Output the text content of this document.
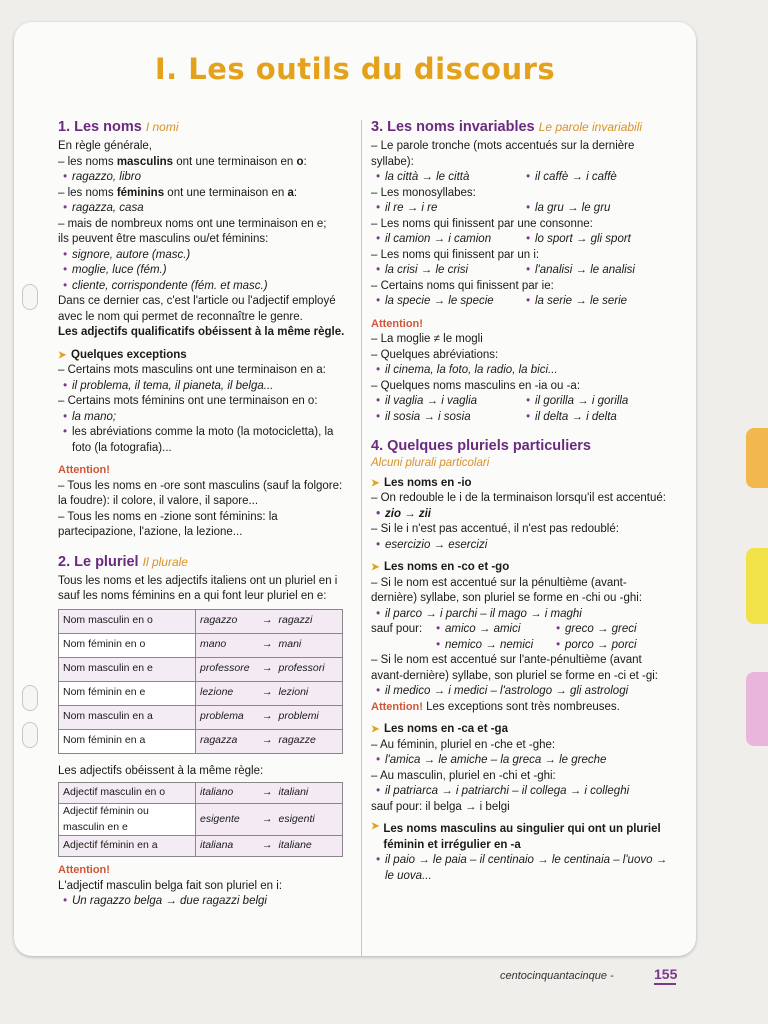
I. Les outils du discours
1. Les noms I nomi

En règle générale,

– les noms masculins ont une terminaison en o:

• ragazzo, libro

– les noms féminins ont une terminaison en a:

• ragazza, casa

– mais de nombreux noms ont une terminaison en e;

ils peuvent être masculins ou/et féminins:

• signore, autore (masc.)
• moglie, luce (fém.)
• cliente, corrispondente (fém. et masc.)

Dans ce dernier cas, c'est l'article ou l'adjectif employé avec le nom qui permet de reconnaître le genre.

Les adjectifs qualificatifs obéissent à la même règle.

➤ Quelques exceptions

– Certains mots masculins ont une terminaison en a:

• il problema, il tema, il pianeta, il belga...

– Certains mots féminins ont une terminaison en o:

• la mano;
• les abréviations comme la moto (la motocicletta), la foto (la fotografia)...
Attention!

– Tous les noms en -ore sont masculins (sauf la folgore: la foudre): il colore, il valore, il sapore...

– Tous les noms en -zione sont féminins: la partecipazione, l'azione, la lezione...

2. Le pluriel Il plurale

Tous les noms et les adjectifs italiens ont un pluriel en i sauf les noms féminins en a qui font leur pluriel en e:

Nom masculin en o	ragazzo → ragazzi
Nom féminin en o	mano → mani
Nom masculin en e	professore → professori
Nom féminin en e	lezione → lezioni
Nom masculin en a	problema → problemi
Nom féminin en a	ragazza → ragazze

Les adjectifs obéissent à la même règle:

Adjectif masculin en o	italiano → italiani
Adjectif féminin ou masculin en e	esigente → esigenti
Adjectif féminin en a	italiana → italiane
Attention!

L'adjectif masculin belga fait son pluriel en i:

• Un ragazzo belga → due ragazzi belgi
3. Les noms invariables Le parole invariabili

– Le parole tronche (mots accentués sur la dernière syllabe):

• la città → le città	• il caffè → i caffè

– Les monosyllabes:

• il re → i re	• la gru → le gru

– Les noms qui finissent par une consonne:

• il camion → i camion	• lo sport → gli sport

– Les noms qui finissent par un i:

• la crisi → le crisi	• l'analisi → le analisi

– Certains noms qui finissent par ie:

• la specie → le specie	• la serie → le serie
Attention!

– La moglie ≠ le mogli

– Quelques abréviations:

• il cinema, la foto, la radio, la bici...

– Quelques noms masculins en -ia ou -a:

• il vaglia → i vaglia	• il gorilla → i gorilla
• il sosia → i sosia	• il delta → i delta
4. Quelques pluriels particuliers
Alcuni plurali particolari
➤ Les noms en -io

– On redouble le i de la terminaison lorsqu'il est accentué:

• zio → zii

– Si le i n'est pas accentué, il n'est pas redoublé:

• esercizio → esercizi
➤ Les noms en -co et -go

– Si le nom est accentué sur la pénultième (avant-dernière) syllabe, son pluriel se forme en -chi ou -ghi:

• il parco → i parchi – il mago → i maghi
sauf pour:	• amico → amici	• greco → greci
• nemico → nemici	• porco → porci

– Si le nom est accentué sur l'ante-pénultième (avant avant-dernière) syllabe, son pluriel se forme en -ci et -gi:

• il medico → i medici – l'astrologo → gli astrologi

Attention! Les exceptions sont très nombreuses.

➤ Les noms en -ca et -ga

– Au féminin, pluriel en -che et -ghe:

• l'amica → le amiche – la greca → le greche

– Au masculin, pluriel en -chi et -ghi:

• il patriarca → i patriarchi – il collega → i colleghi

sauf pour: il belga → i belgi

➤ Les noms masculins au singulier qui ont un pluriel féminin et irrégulier en -a
• il paio → le paia – il centinaio → le centinaia – l'uovo → le uova...
centocinquantacinque -	155
